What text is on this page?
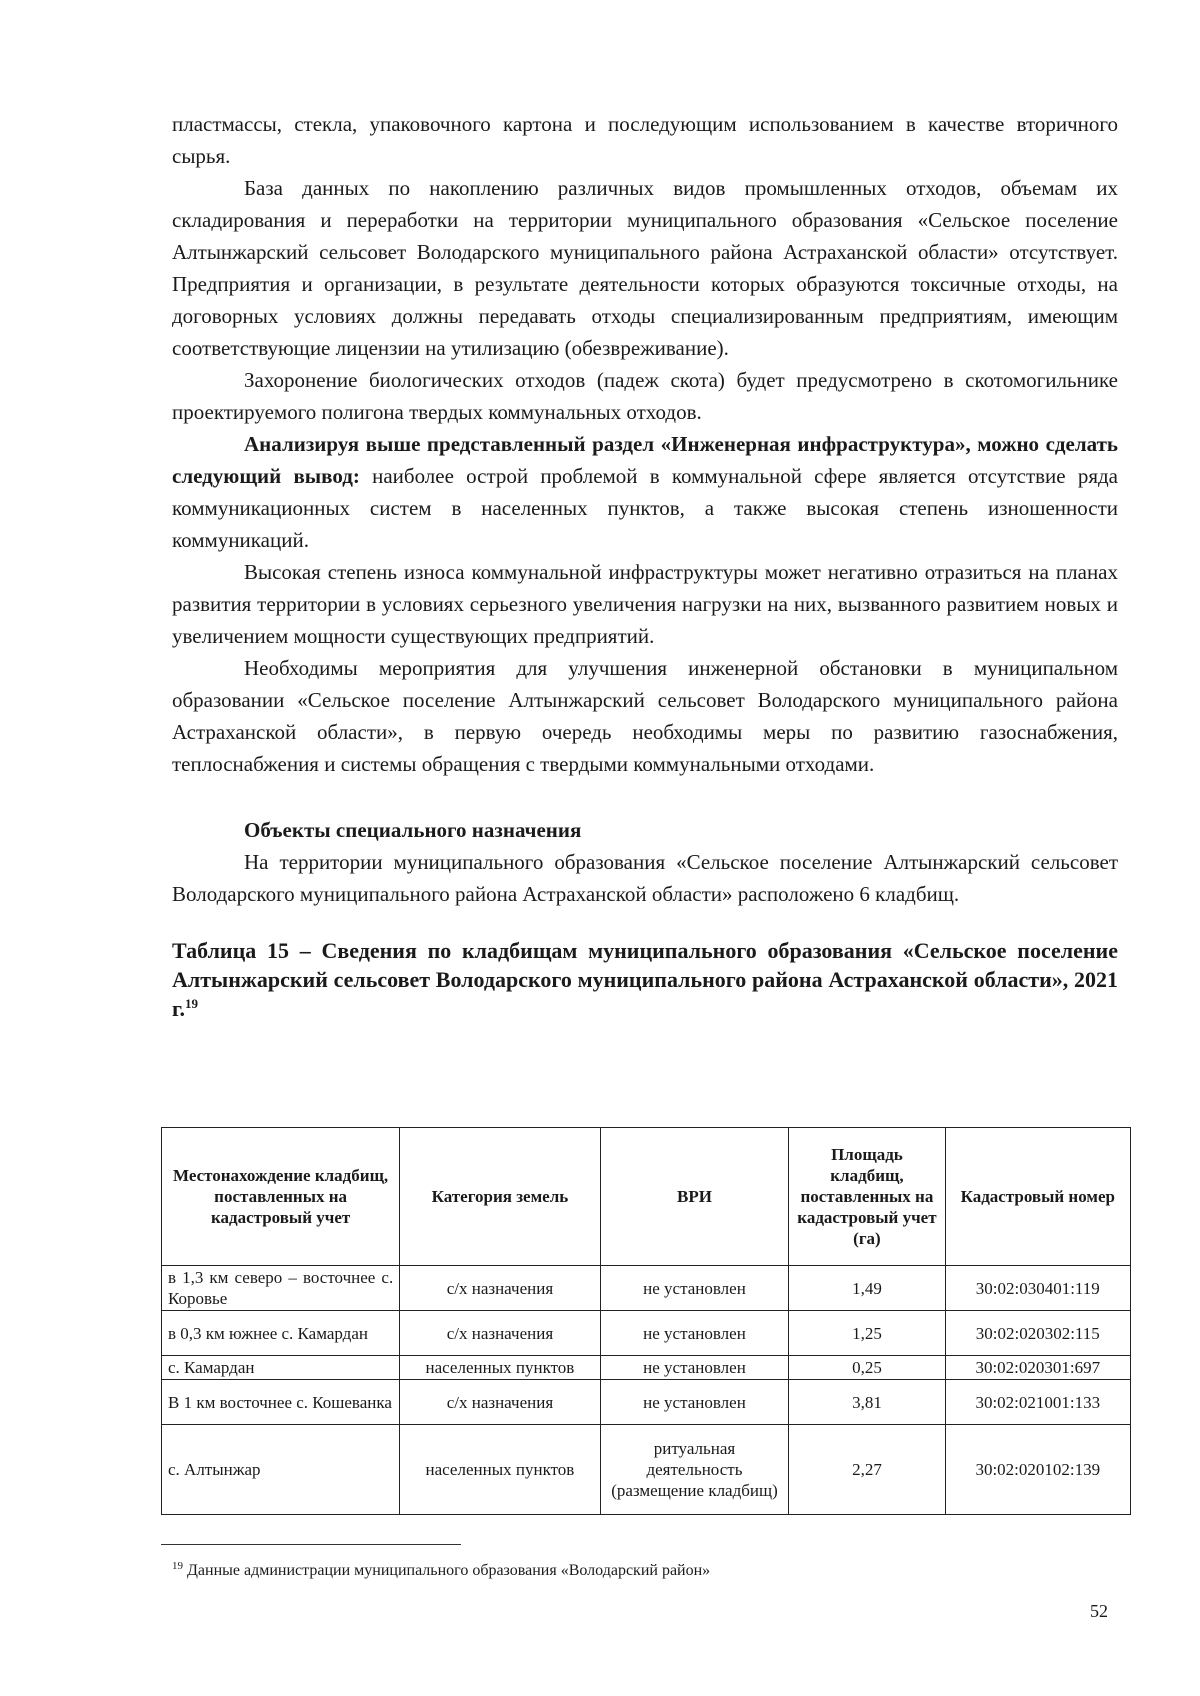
пластмассы, стекла, упаковочного картона и последующим использованием в качестве вторичного сырья.

База данных по накоплению различных видов промышленных отходов, объемам их складирования и переработки на территории муниципального образования «Сельское поселение Алтынжарский сельсовет Володарского муниципального района Астраханской области» отсутствует. Предприятия и организации, в результате деятельности которых образуются токсичные отходы, на договорных условиях должны передавать отходы специализированным предприятиям, имеющим соответствующие лицензии на утилизацию (обезвреживание).

Захоронение биологических отходов (падеж скота) будет предусмотрено в скотомогильнике проектируемого полигона твердых коммунальных отходов.

Анализируя выше представленный раздел «Инженерная инфраструктура», можно сделать следующий вывод: наиболее острой проблемой в коммунальной сфере является отсутствие ряда коммуникационных систем в населенных пунктов, а также высокая степень изношенности коммуникаций.

Высокая степень износа коммунальной инфраструктуры может негативно отразиться на планах развития территории в условиях серьезного увеличения нагрузки на них, вызванного развитием новых и увеличением мощности существующих предприятий.

Необходимы мероприятия для улучшения инженерной обстановки в муниципальном образовании «Сельское поселение Алтынжарский сельсовет Володарского муниципального района Астраханской области», в первую очередь необходимы меры по развитию газоснабжения, теплоснабжения и системы обращения с твердыми коммунальными отходами.

Объекты специального назначения

На территории муниципального образования «Сельское поселение Алтынжарский сельсовет Володарского муниципального района Астраханской области» расположено 6 кладбищ.

Таблица 15 – Сведения по кладбищам муниципального образования «Сельское поселение Алтынжарский сельсовет Володарского муниципального района Астраханской области», 2021 г.$^{19}$
Местонахождение кладбищ, поставленных на кадастровый учет	Категория земель	ВРИ	Площадь кладбищ, поставленных на кадастровый учет (га)	Кадастровый номер
в 1,3 км северо – восточнее с. Коровье	с/х назначения	не установлен	1,49	30:02:030401:119
в 0,3 км южнее с. Камардан	с/х назначения	не установлен	1,25	30:02:020302:115
с. Камардан	населенных пунктов	не установлен	0,25	30:02:020301:697
В 1 км восточнее с. Кошеванка	с/х назначения	не установлен	3,81	30:02:021001:133
с. Алтынжар	населенных пунктов	ритуальная деятельность (размещение кладбищ)	2,27	30:02:020102:139
$^{19}$ Данные администрации муниципального образования «Володарский район»
52
